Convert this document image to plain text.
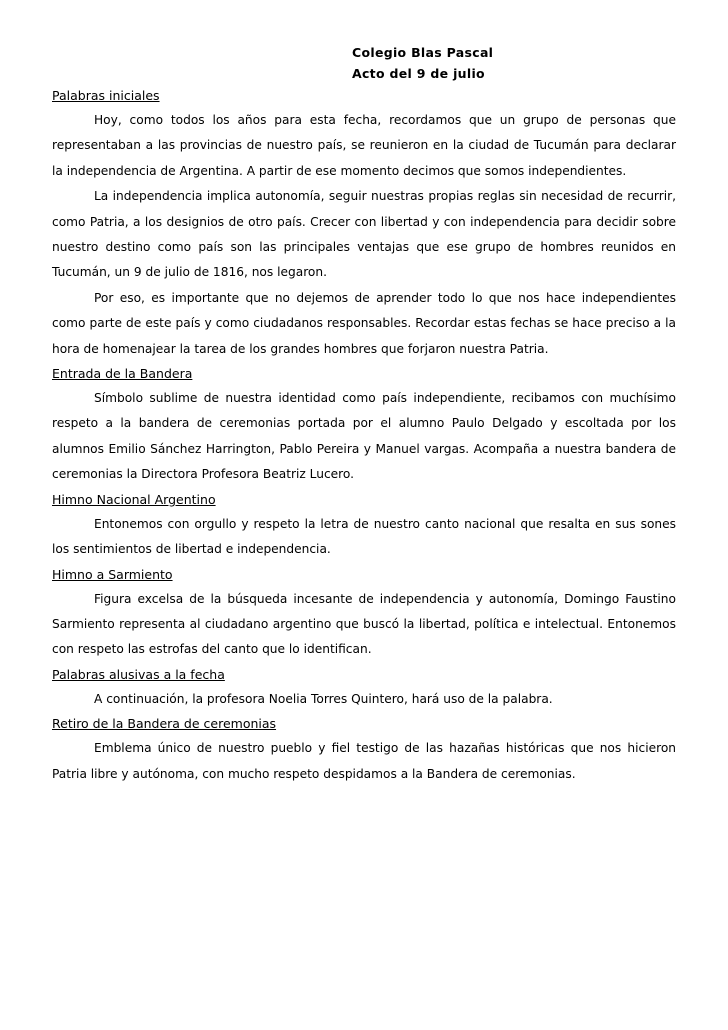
Colegio Blas Pascal
Acto del 9 de julio
Palabras iniciales

Hoy, como todos los años para esta fecha, recordamos que un grupo de personas que representaban a las provincias de nuestro país, se reunieron en la ciudad de Tucumán para declarar la independencia de Argentina. A partir de ese momento decimos que somos independientes.

La independencia implica autonomía, seguir nuestras propias reglas sin necesidad de recurrir, como Patria, a los designios de otro país. Crecer con libertad y con independencia para decidir sobre nuestro destino como país son las principales ventajas que ese grupo de hombres reunidos en Tucumán, un 9 de julio de 1816, nos legaron.

Por eso, es importante que no dejemos de aprender todo lo que nos hace independientes como parte de este país y como ciudadanos responsables. Recordar estas fechas se hace preciso a la hora de homenajear la tarea de los grandes hombres que forjaron nuestra Patria.

Entrada de la Bandera

Símbolo sublime de nuestra identidad como país independiente, recibamos con muchísimo respeto a la bandera de ceremonias portada por el alumno Paulo Delgado y escoltada por los alumnos Emilio Sánchez Harrington, Pablo Pereira y Manuel vargas. Acompaña a nuestra bandera de ceremonias la Directora Profesora Beatriz Lucero.

Himno Nacional Argentino

Entonemos con orgullo y respeto la letra de nuestro canto nacional que resalta en sus sones los sentimientos de libertad e independencia.

Himno a Sarmiento

Figura excelsa de la búsqueda incesante de independencia y autonomía, Domingo Faustino Sarmiento representa al ciudadano argentino que buscó la libertad, política e intelectual. Entonemos con respeto las estrofas del canto que lo identifican.

Palabras alusivas a la fecha

A continuación, la profesora Noelia Torres Quintero, hará uso de la palabra.

Retiro de la Bandera de ceremonias

Emblema único de nuestro pueblo y fiel testigo de las hazañas históricas que nos hicieron Patria libre y autónoma, con mucho respeto despidamos a la Bandera de ceremonias.
